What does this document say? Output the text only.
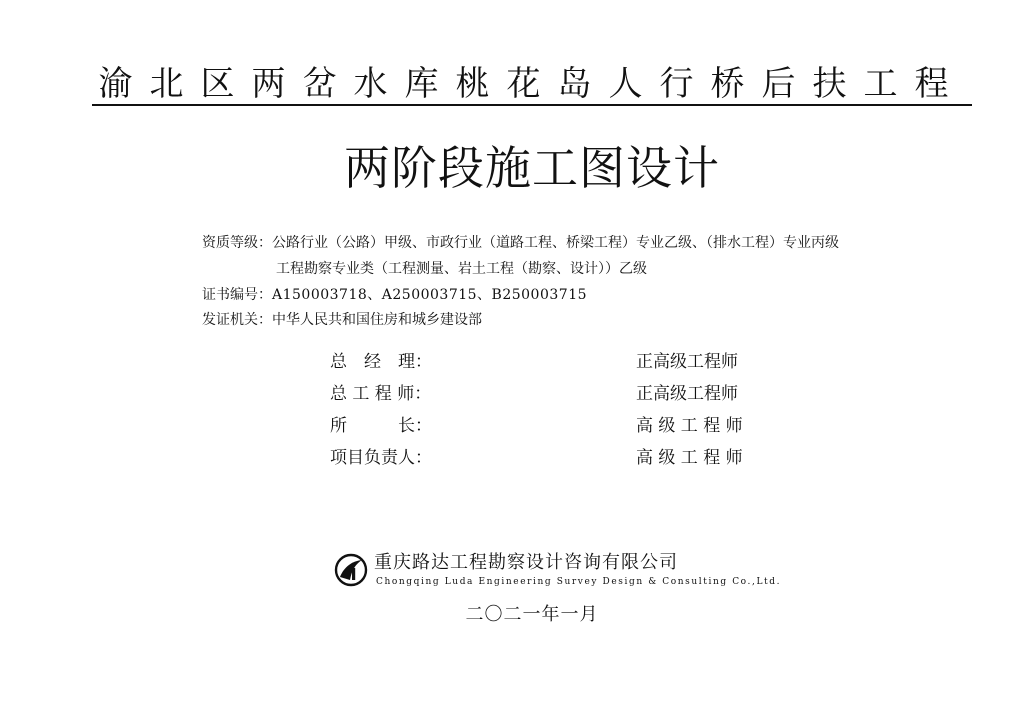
渝北区两岔水库桃花岛人行桥后扶工程
两阶段施工图设计
资质等级：公路行业（公路）甲级、市政行业（道路工程、桥梁工程）专业乙级、（排水工程）专业丙级
工程勘察专业类（工程测量、岩土工程（勘察、设计））乙级
证书编号：A150003718、A250003715、B250003715
发证机关：中华人民共和国住房和城乡建设部
总　经　理：	正高级工程师
总 工 程 师：	正高级工程师
所　　　长：	高 级 工 程 师
项目负责人：	高 级 工 程 师
重庆路达工程勘察设计咨询有限公司
Chongqing Luda Engineering Survey Design & Consulting Co.,Ltd.
二〇二一年一月
